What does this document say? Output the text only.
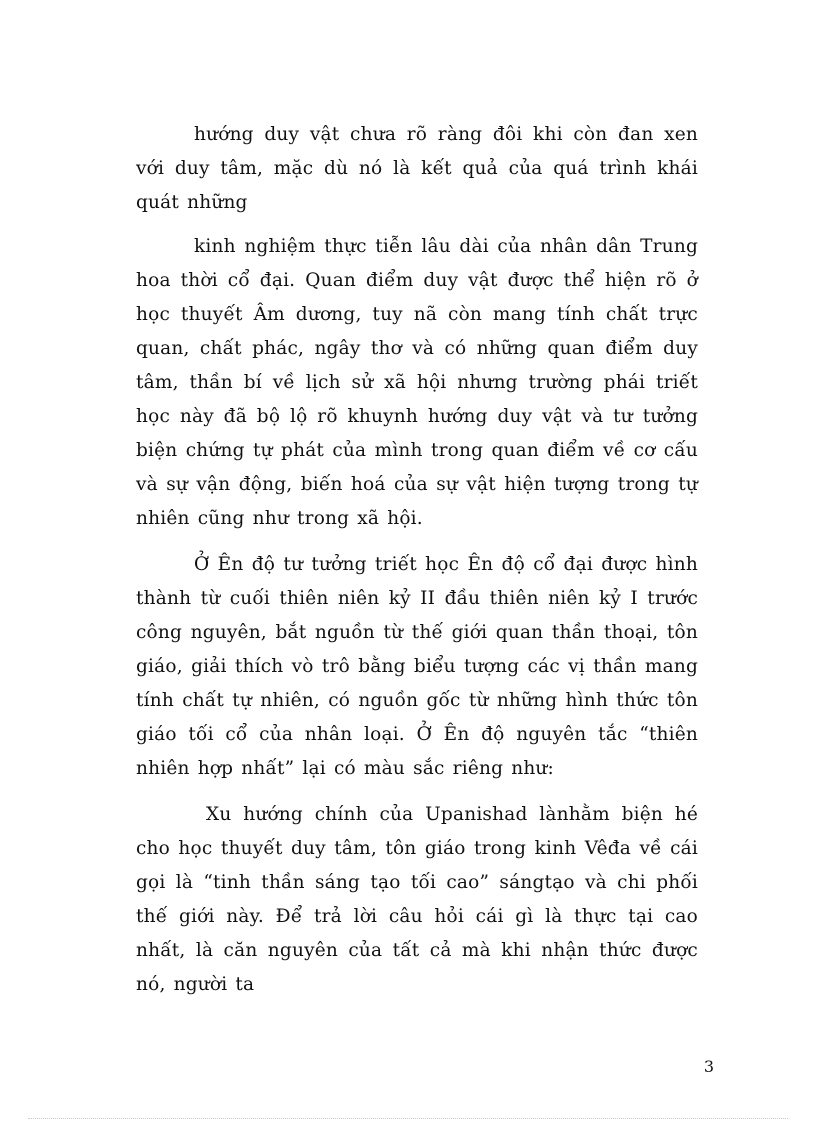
hướng duy vật chưa rõ ràng đôi khi còn đan xen với duy tâm, mặc dù nó là kết quả của quá trình khái quát những

kinh nghiệm thực tiễn lâu dài của nhân dân Trung hoa thời cổ đại. Quan điểm duy vật được thể hiện rõ ở học thuyết Âm dương, tuy nã còn mang tính chất trực quan, chất phác, ngây thơ và có những quan điểm duy tâm, thần bí về lịch sử xã hội nhưng trường phái triết học này đã bộ lộ rõ khuynh hướng duy vật và tư tưởng biện chứng tự phát của mình trong quan điểm về cơ cấu và sự vận động, biến hoá của sự vật hiện tượng trong tự nhiên cũng như trong xã hội.

Ở Ên độ tư tưởng triết học Ên độ cổ đại được hình thành từ cuối thiên niên kỷ II đầu thiên niên kỷ I trước công nguyên, bắt nguồn từ thế giới quan thần thoại, tôn giáo, giải thích vò trô bằng biểu tượng các vị thần mang tính chất tự nhiên, có nguồn gốc từ những hình thức tôn giáo tối cổ của nhân loại. Ở Ên độ nguyên tắc “thiên nhiên hợp nhất” lại có màu sắc riêng như:

Xu hướng chính của Upanishad lànhằm biện hé cho học thuyết duy tâm, tôn giáo trong kinh Vêđa về cái gọi là “tinh thần sáng tạo tối cao” sángtạo và chi phối thế giới này. Để trả lời câu hỏi cái gì là thực tại cao nhất, là căn nguyên của tất cả mà khi nhận thức được nó, người ta

3
